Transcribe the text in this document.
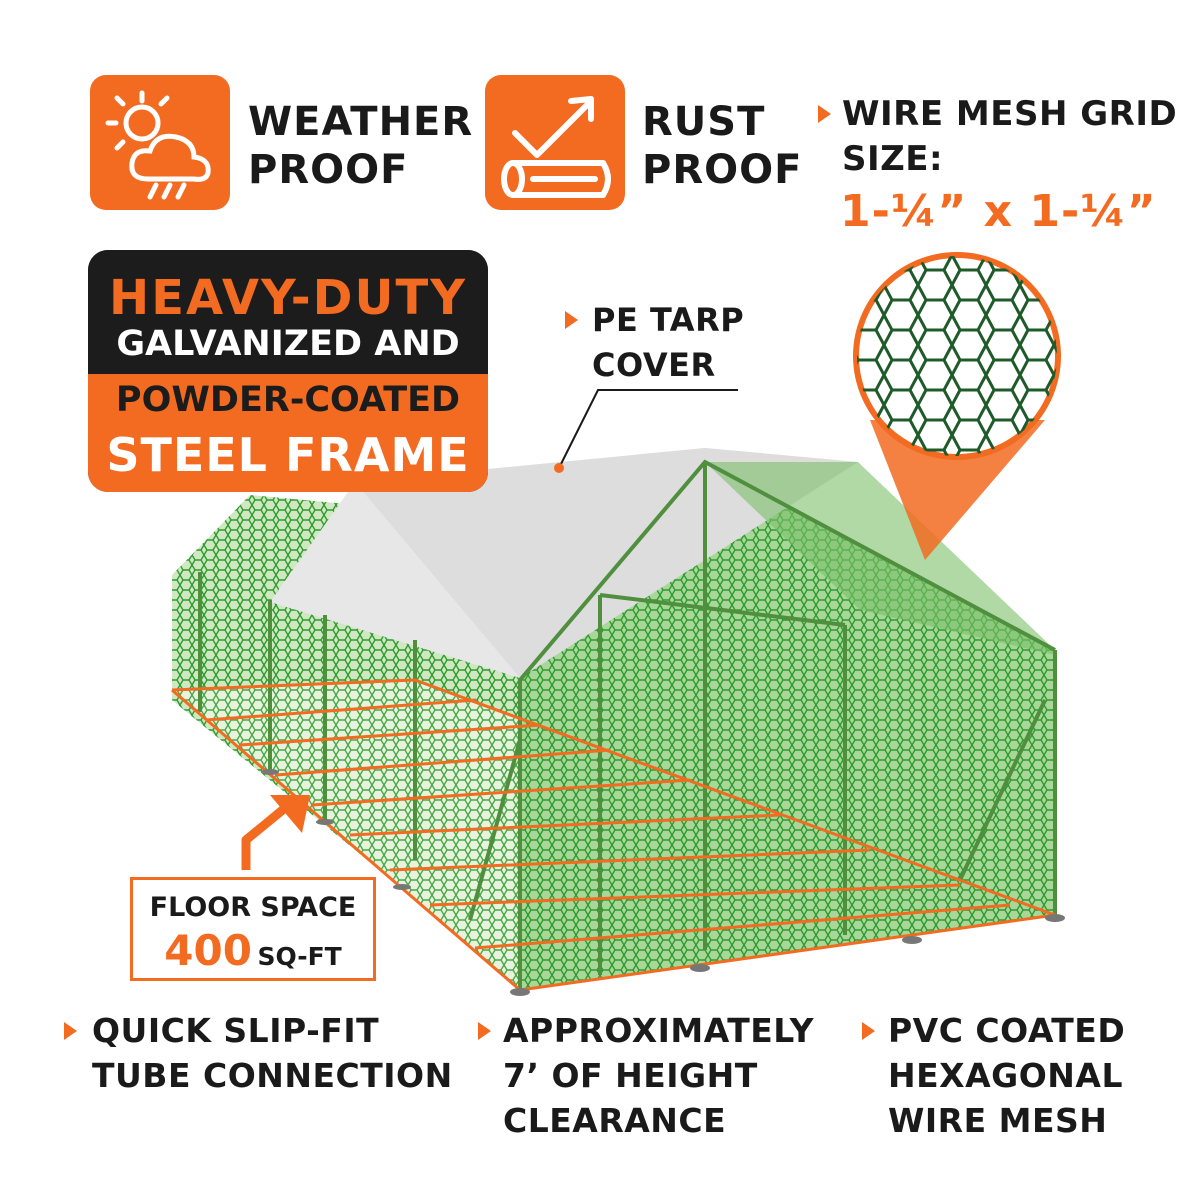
WEATHER
PROOF
RUST
PROOF
WIRE MESH GRID
SIZE:
1-¼” x 1-¼”
HEAVY-DUTY
GALVANIZED AND
POWDER-COATED
STEEL FRAME
PE TARP
COVER
FLOOR SPACE
400 SQ-FT
QUICK SLIP-FIT
TUBE CONNECTION
APPROXIMATELY
7’ OF HEIGHT
CLEARANCE
PVC COATED
HEXAGONAL
WIRE MESH
